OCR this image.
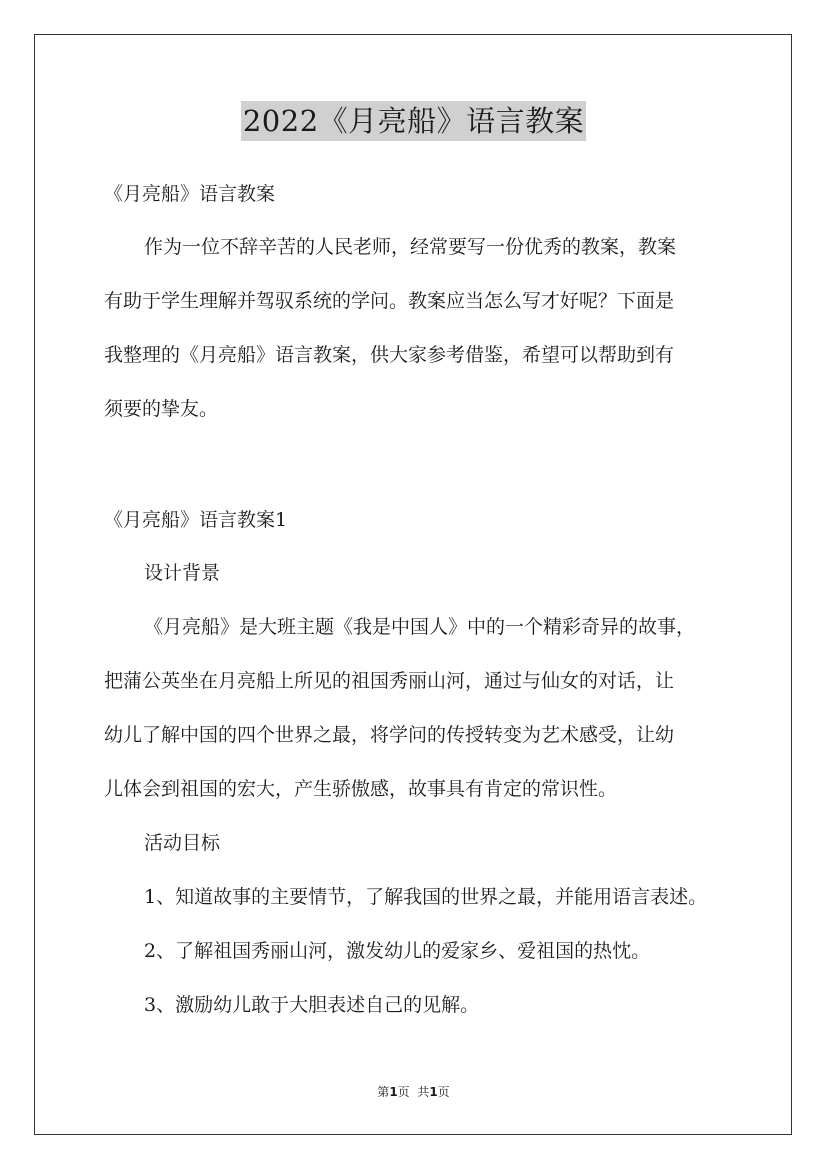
2022《月亮船》语言教案
《月亮船》语言教案
作为一位不辞辛苦的人民老师，经常要写一份优秀的教案，教案
有助于学生理解并驾驭系统的学问。教案应当怎么写才好呢？下面是
我整理的《月亮船》语言教案，供大家参考借鉴，希望可以帮助到有
须要的挚友。
《月亮船》语言教案1
设计背景
《月亮船》是大班主题《我是中国人》中的一个精彩奇异的故事，
把蒲公英坐在月亮船上所见的祖国秀丽山河，通过与仙女的对话，让
幼儿了解中国的四个世界之最，将学问的传授转变为艺术感受，让幼
儿体会到祖国的宏大，产生骄傲感，故事具有肯定的常识性。
活动目标
1、知道故事的主要情节，了解我国的世界之最，并能用语言表述。
2、了解祖国秀丽山河，激发幼儿的爱家乡、爱祖国的热忱。
3、激励幼儿敢于大胆表述自己的见解。
第1页  共1页
